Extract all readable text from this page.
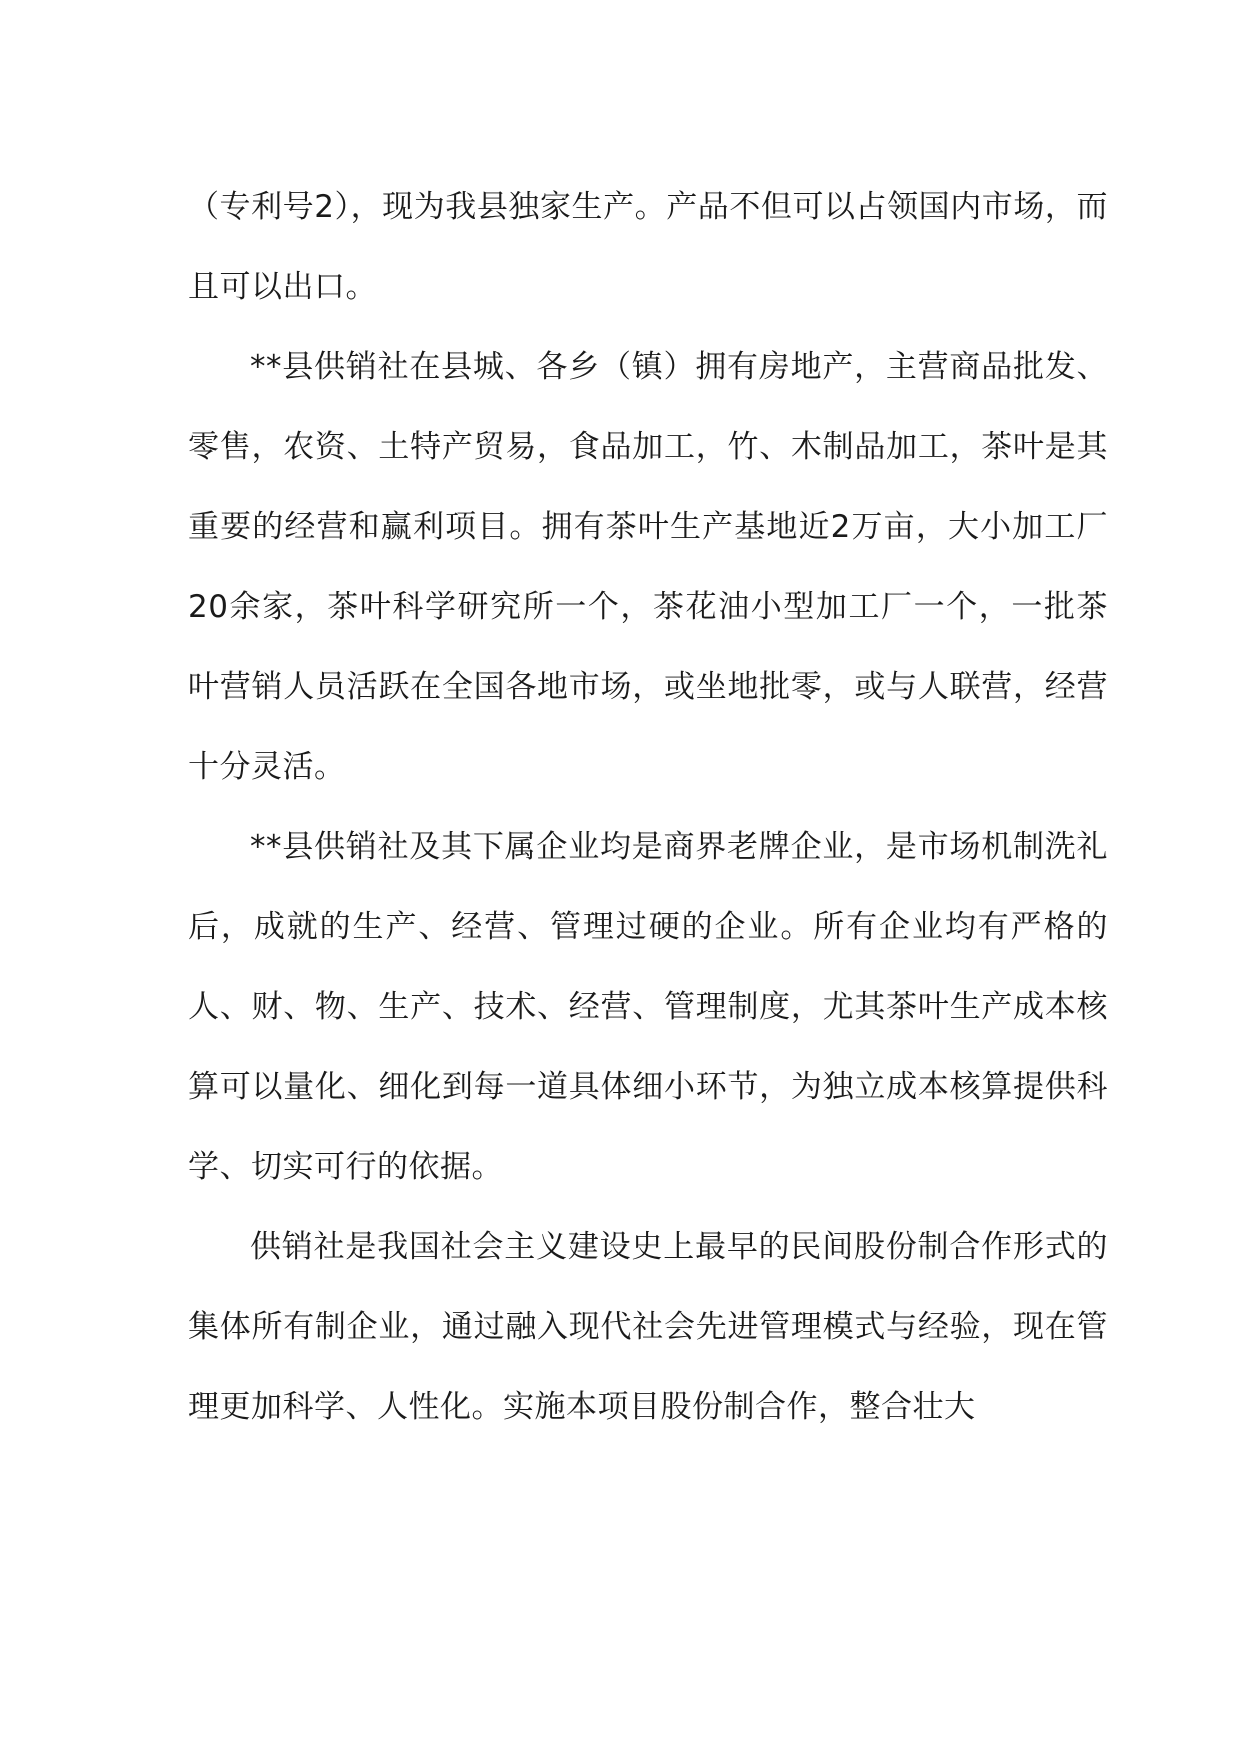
（专利号2），现为我县独家生产。产品不但可以占领国内市场，而且可以出口。

**县供销社在县城、各乡（镇）拥有房地产，主营商品批发、零售，农资、土特产贸易，食品加工，竹、木制品加工，茶叶是其重要的经营和赢利项目。拥有茶叶生产基地近2万亩，大小加工厂20余家，茶叶科学研究所一个，茶花油小型加工厂一个，一批茶叶营销人员活跃在全国各地市场，或坐地批零，或与人联营，经营十分灵活。

**县供销社及其下属企业均是商界老牌企业，是市场机制洗礼后，成就的生产、经营、管理过硬的企业。所有企业均有严格的人、财、物、生产、技术、经营、管理制度，尤其茶叶生产成本核算可以量化、细化到每一道具体细小环节，为独立成本核算提供科学、切实可行的依据。

供销社是我国社会主义建设史上最早的民间股份制合作形式的集体所有制企业，通过融入现代社会先进管理模式与经验，现在管理更加科学、人性化。实施本项目股份制合作，整合壮大
